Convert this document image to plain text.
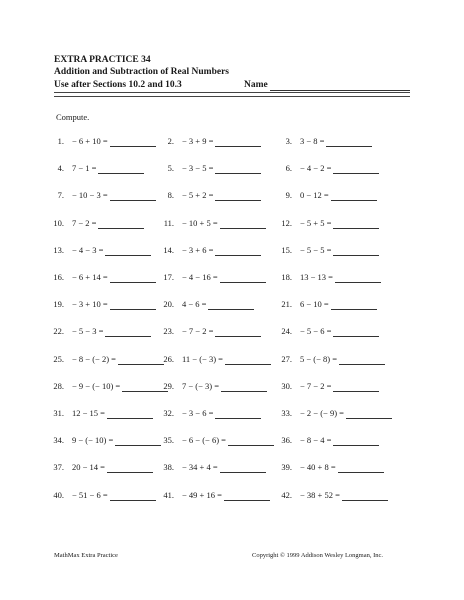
EXTRA PRACTICE 34
Addition and Subtraction of Real Numbers
Use after Sections 10.2 and 10.3	Name
Compute.
1. − 6 + 10 =	2. − 3 + 9 =	3. 3 − 8 =
4. 7 − 1 =	5. − 3 − 5 =	6. − 4 − 2 =
7. − 10 − 3 =	8. − 5 + 2 =	9. 0 − 12 =
10. 7 − 2 =	11. − 10 + 5 =	12. − 5 + 5 =
13. − 4 − 3 =	14. − 3 + 6 =	15. − 5 − 5 =
16. − 6 + 14 =	17. − 4 − 16 =	18. 13 − 13 =
19. − 3 + 10 =	20. 4 − 6 =	21. 6 − 10 =
22. − 5 − 3 =	23. − 7 − 2 =	24. − 5 − 6 =
25. − 8 − (− 2) =	26. 11 − (− 3) =	27. 5 − (− 8) =
28. − 9 − (− 10) =	29. 7 − (− 3) =	30. − 7 − 2 =
31. 12 − 15 =	32. − 3 − 6 =	33. − 2 − (− 9) =
34. 9 − (− 10) =	35. − 6 − (− 6) =	36. − 8 − 4 =
37. 20 − 14 =	38. − 34 + 4 =	39. − 40 + 8 =
40. − 51 − 6 =	41. − 49 + 16 =	42. − 38 + 52 =
MathMax Extra Practice	Copyright © 1999 Addison Wesley Longman, Inc.
